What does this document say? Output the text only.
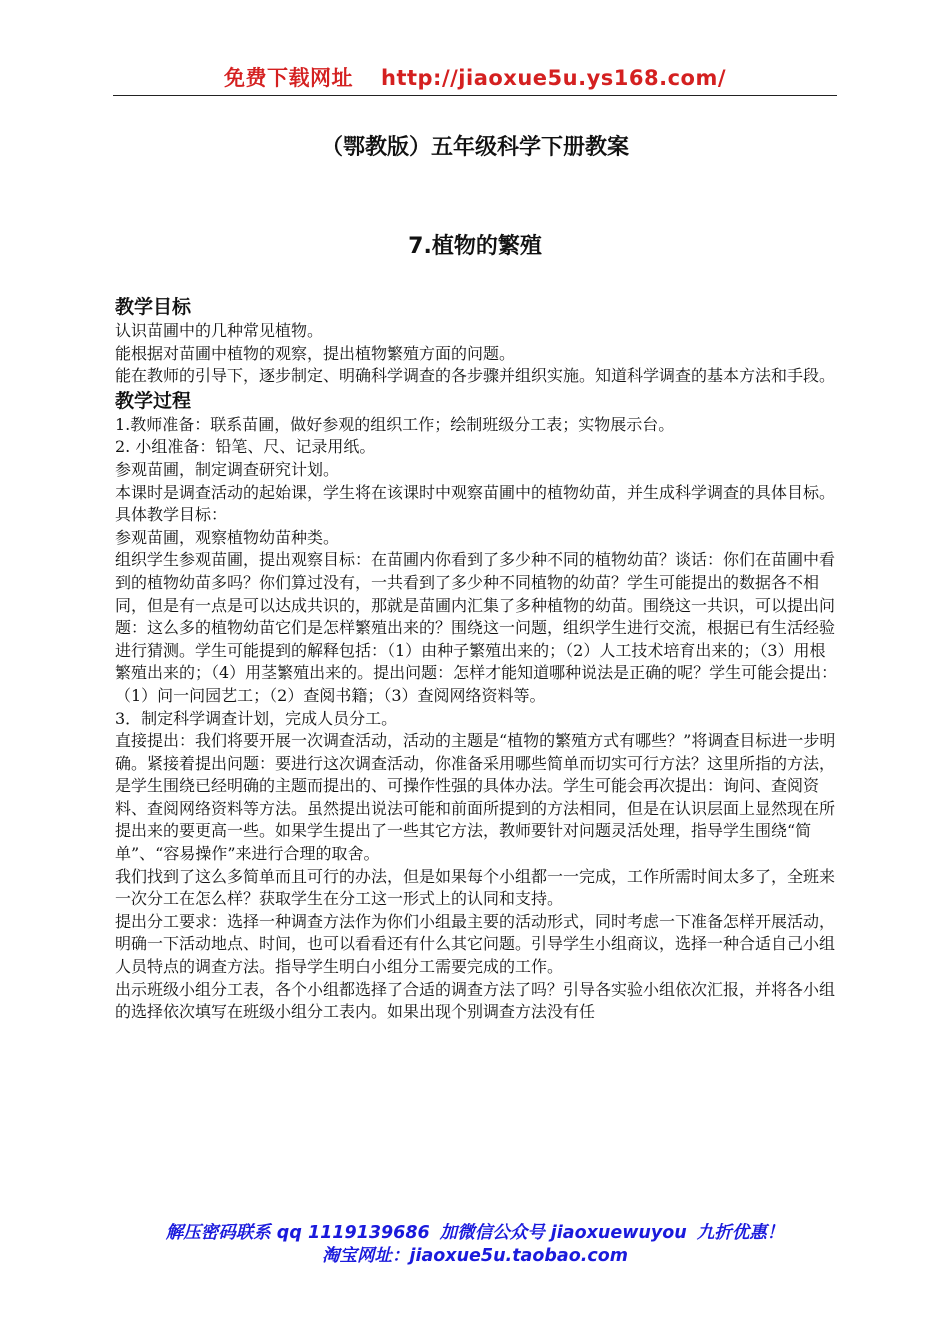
免费下载网址 http://jiaoxue5u.ys168.com/
（鄂教版）五年级科学下册教案
7.植物的繁殖
教学目标
认识苗圃中的几种常见植物。
能根据对苗圃中植物的观察，提出植物繁殖方面的问题。
能在教师的引导下，逐步制定、明确科学调查的各步骤并组织实施。知道科学调查的基本方法和手段。
教学过程
1.教师准备：联系苗圃，做好参观的组织工作；绘制班级分工表；实物展示台。
2. 小组准备：铅笔、尺、记录用纸。
参观苗圃，制定调查研究计划。
本课时是调查活动的起始课，学生将在该课时中观察苗圃中的植物幼苗，并生成科学调查的具体目标。
具体教学目标：
参观苗圃，观察植物幼苗种类。
组织学生参观苗圃，提出观察目标：在苗圃内你看到了多少种不同的植物幼苗？谈话：你们在苗圃中看到的植物幼苗多吗？你们算过没有，一共看到了多少种不同植物的幼苗？学生可能提出的数据各不相同，但是有一点是可以达成共识的，那就是苗圃内汇集了多种植物的幼苗。围绕这一共识，可以提出问题：这么多的植物幼苗它们是怎样繁殖出来的？围绕这一问题，组织学生进行交流，根据已有生活经验进行猜测。学生可能提到的解释包括：（1）由种子繁殖出来的；（2）人工技术培育出来的；（3）用根繁殖出来的；（4）用茎繁殖出来的。提出问题：怎样才能知道哪种说法是正确的呢？学生可能会提出：（1）问一问园艺工；（2）查阅书籍；（3）查阅网络资料等。
3．制定科学调查计划，完成人员分工。
直接提出：我们将要开展一次调查活动，活动的主题是“植物的繁殖方式有哪些？”将调查目标进一步明确。紧接着提出问题：要进行这次调查活动，你准备采用哪些简单而切实可行方法？这里所指的方法，是学生围绕已经明确的主题而提出的、可操作性强的具体办法。学生可能会再次提出：询问、查阅资料、查阅网络资料等方法。虽然提出说法可能和前面所提到的方法相同，但是在认识层面上显然现在所提出来的要更高一些。如果学生提出了一些其它方法，教师要针对问题灵活处理，指导学生围绕“简单”、“容易操作”来进行合理的取舍。
我们找到了这么多简单而且可行的办法，但是如果每个小组都一一完成，工作所需时间太多了，全班来一次分工在怎么样？获取学生在分工这一形式上的认同和支持。
提出分工要求：选择一种调查方法作为你们小组最主要的活动形式，同时考虑一下准备怎样开展活动，明确一下活动地点、时间，也可以看看还有什么其它问题。引导学生小组商议，选择一种合适自己小组人员特点的调查方法。指导学生明白小组分工需要完成的工作。
出示班级小组分工表，各个小组都选择了合适的调查方法了吗？引导各实验小组依次汇报，并将各小组的选择依次填写在班级小组分工表内。如果出现个别调查方法没有任
解压密码联系 qq 1119139686 加微信公众号 jiaoxuewuyou 九折优惠！
淘宝网址：jiaoxue5u.taobao.com
